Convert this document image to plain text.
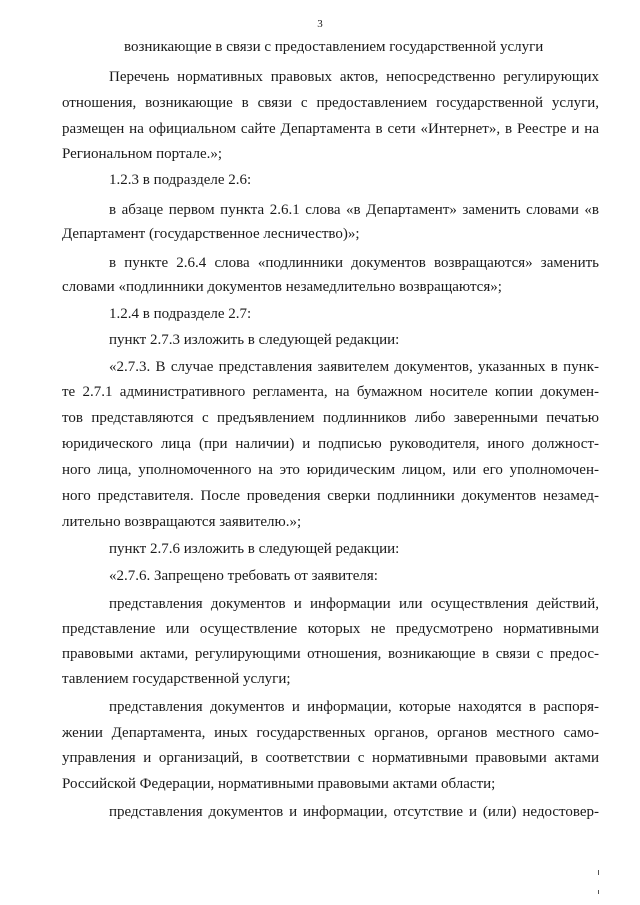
3
возникающие в связи с предоставлением государственной услуги
Перечень нормативных правовых актов, непосредственно регулирующих
отношения, возникающие в связи с предоставлением государственной услуги,
размещен на официальном сайте Департамента в сети «Интернет», в Реестре и на
Региональном портале.»;
1.2.3 в подразделе 2.6:
в абзаце первом пункта 2.6.1 слова «в Департамент» заменить словами «в
Департамент (государственное лесничество)»;
в пункте 2.6.4 слова «подлинники документов возвращаются» заменить
словами «подлинники документов незамедлительно возвращаются»;
1.2.4 в подразделе 2.7:
пункт 2.7.3 изложить в следующей редакции:
«2.7.3. В случае представления заявителем документов, указанных в пунк-
те 2.7.1 административного регламента, на бумажном носителе копии докумен-
тов представляются с предъявлением подлинников либо заверенными печатью
юридического лица (при наличии) и подписью руководителя, иного должност-
ного лица, уполномоченного на это юридическим лицом, или его уполномочен-
ного представителя. После проведения сверки подлинники документов незамед-
лительно возвращаются заявителю.»;
пункт 2.7.6 изложить в следующей редакции:
«2.7.6. Запрещено требовать от заявителя:
представления документов и информации или осуществления действий,
представление или осуществление которых не предусмотрено нормативными
правовыми актами, регулирующими отношения, возникающие в связи с предос-
тавлением государственной услуги;
представления документов и информации, которые находятся в распоря-
жении Департамента, иных государственных органов, органов местного само-
управления и организаций, в соответствии с нормативными правовыми актами
Российской Федерации, нормативными правовыми актами области;
представления документов и информации, отсутствие и (или) недостовер-
